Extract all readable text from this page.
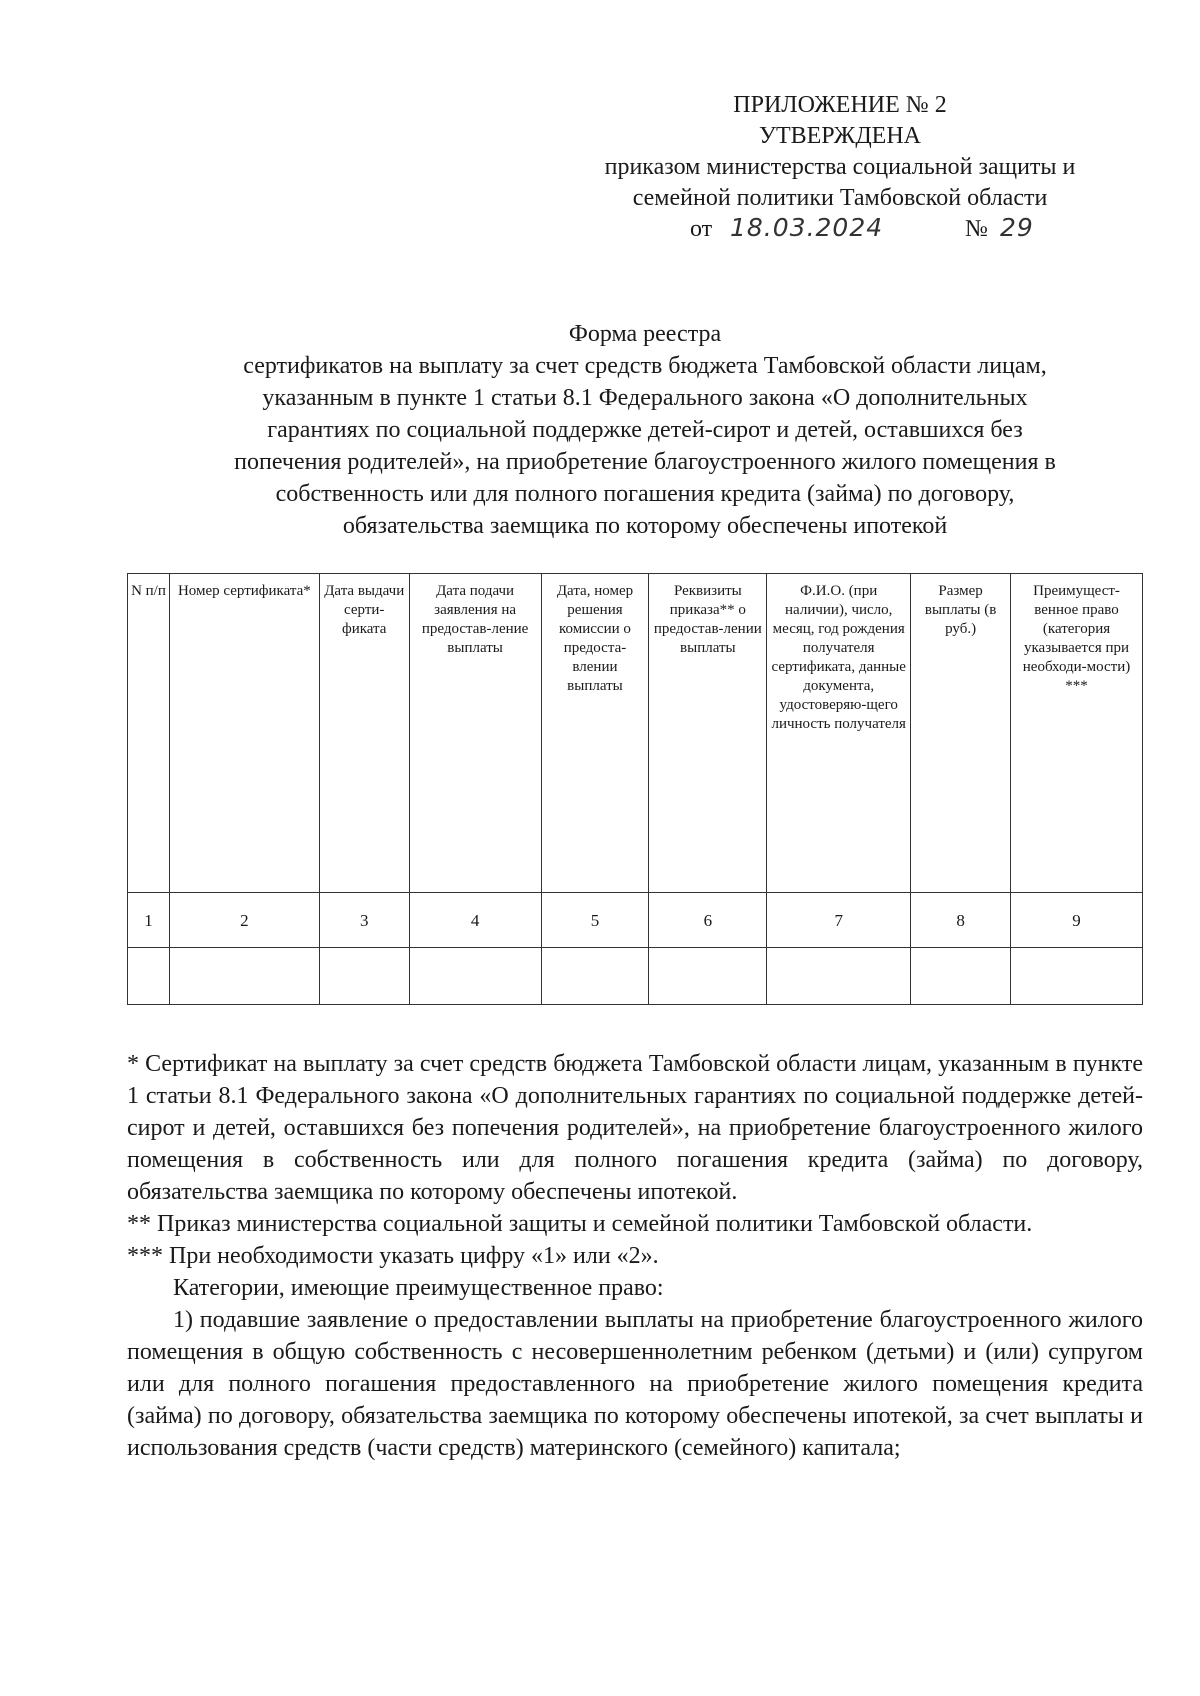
ПРИЛОЖЕНИЕ № 2
УТВЕРЖДЕНА
приказом министерства социальной защиты и
семейной политики Тамбовской области
от 18.03.2024	№ 29
Форма реестра
сертификатов на выплату за счет средств бюджета Тамбовской области лицам,
указанным в пункте 1 статьи 8.1 Федерального закона «О дополнительных
гарантиях по социальной поддержке детей-сирот и детей, оставшихся без
попечения родителей», на приобретение благоустроенного жилого помещения в
собственность или для полного погашения кредита (займа) по договору,
обязательства заемщика по которому обеспечены ипотекой
N п/п	Номер сертификата*	Дата выдачи серти-фиката	Дата подачи заявления на предостав-ление выплаты	Дата, номер решения комиссии о предоста-влении выплаты	Реквизиты приказа** о предостав-лении выплаты	Ф.И.О. (при наличии), число, месяц, год рождения получателя сертификата, данные документа, удостоверяю-щего личность получателя	Размер выплаты (в руб.)	Преимущест-венное право (категория указывается при необходи-мости) ***
1	2	3	4	5	6	7	8	9

* Сертификат на выплату за счет средств бюджета Тамбовской области лицам, указанным в пункте 1 статьи 8.1 Федерального закона «О дополнительных гарантиях по социальной поддержке детей-сирот и детей, оставшихся без попечения родителей», на приобретение благоустроенного жилого помещения в собственность или для полного погашения кредита (займа) по договору, обязательства заемщика по которому обеспечены ипотекой.

** Приказ министерства социальной защиты и семейной политики Тамбовской области.

*** При необходимости указать цифру «1» или «2».

Категории, имеющие преимущественное право:

1) подавшие заявление о предоставлении выплаты на приобретение благоустроенного жилого помещения в общую собственность с несовершеннолетним ребенком (детьми) и (или) супругом или для полного погашения предоставленного на приобретение жилого помещения кредита (займа) по договору, обязательства заемщика по которому обеспечены ипотекой, за счет выплаты и использования средств (части средств) материнского (семейного) капитала;
